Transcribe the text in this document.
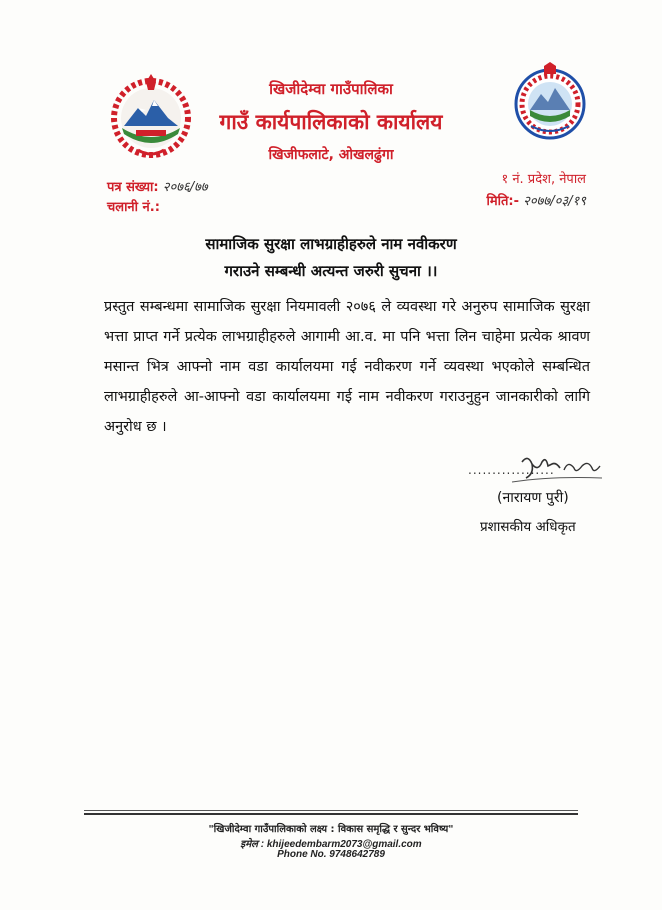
खिजीदेम्वा गाउँपालिका
गाउँ कार्यपालिकाको कार्यालय
खिजीफलाटे, ओखलढुंगा
पत्र संख्या: २०७६/७७
चलानी नं.:
१ नं. प्रदेश, नेपाल
मिति:- २०७७/०३/१९
सामाजिक सुरक्षा लाभग्राहीहरुले नाम नवीकरण
गराउने सम्बन्धी अत्यन्त जरुरी सुचना ।।
प्रस्तुत सम्बन्धमा सामाजिक सुरक्षा नियमावली २०७६ ले व्यवस्था गरे अनुरुप सामाजिक सुरक्षा भत्ता प्राप्त गर्ने प्रत्येक लाभग्राहीहरुले आगामी आ.व. मा पनि भत्ता लिन चाहेमा प्रत्येक श्रावण मसान्त भित्र आफ्नो नाम वडा कार्यालयमा गई नवीकरण गर्ने व्यवस्था भएकोले सम्बन्धित लाभग्राहीहरुले आ-आफ्नो वडा कार्यालयमा गई नाम नवीकरण गराउनुहुन जानकारीको लागि अनुरोध छ ।
..................
(नारायण पुरी)
प्रशासकीय अधिकृत
"खिजीदेम्वा गाउँपालिकाको लक्ष्य : विकास समृद्धि र सुन्दर भविष्य"
इमेल : khijeedembarm2073@gmail.com
Phone No. 9748642789
